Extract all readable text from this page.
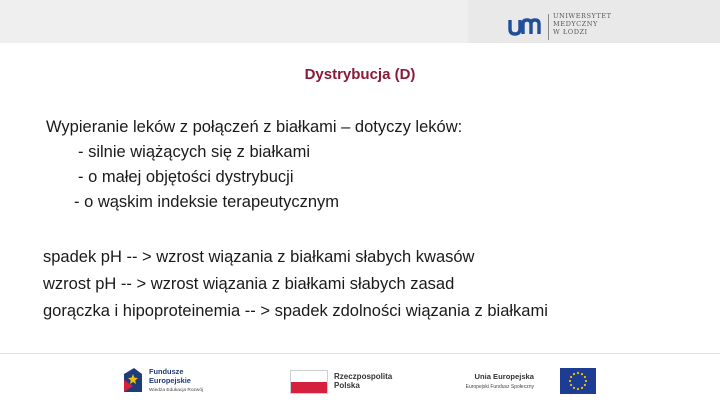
UNIWERSYTET
MEDYCZNY
W ŁODZI
Dystrybucja (D)
Wypieranie leków z połączeń z białkami – dotyczy leków:
- silnie wiążących się z białkami
- o małej objętości dystrybucji
- o wąskim indeksie terapeutycznym
spadek pH -- > wzrost wiązania z białkami słabych kwasów
wzrost pH -- > wzrost wiązania z białkami słabych zasad
gorączka i hipoproteinemia -- > spadek zdolności wiązania z białkami
Fundusze
Europejskie
Wiedza Edukacja Rozwój
Rzeczpospolita
Polska
Unia Europejska
Europejski Fundusz Społeczny
